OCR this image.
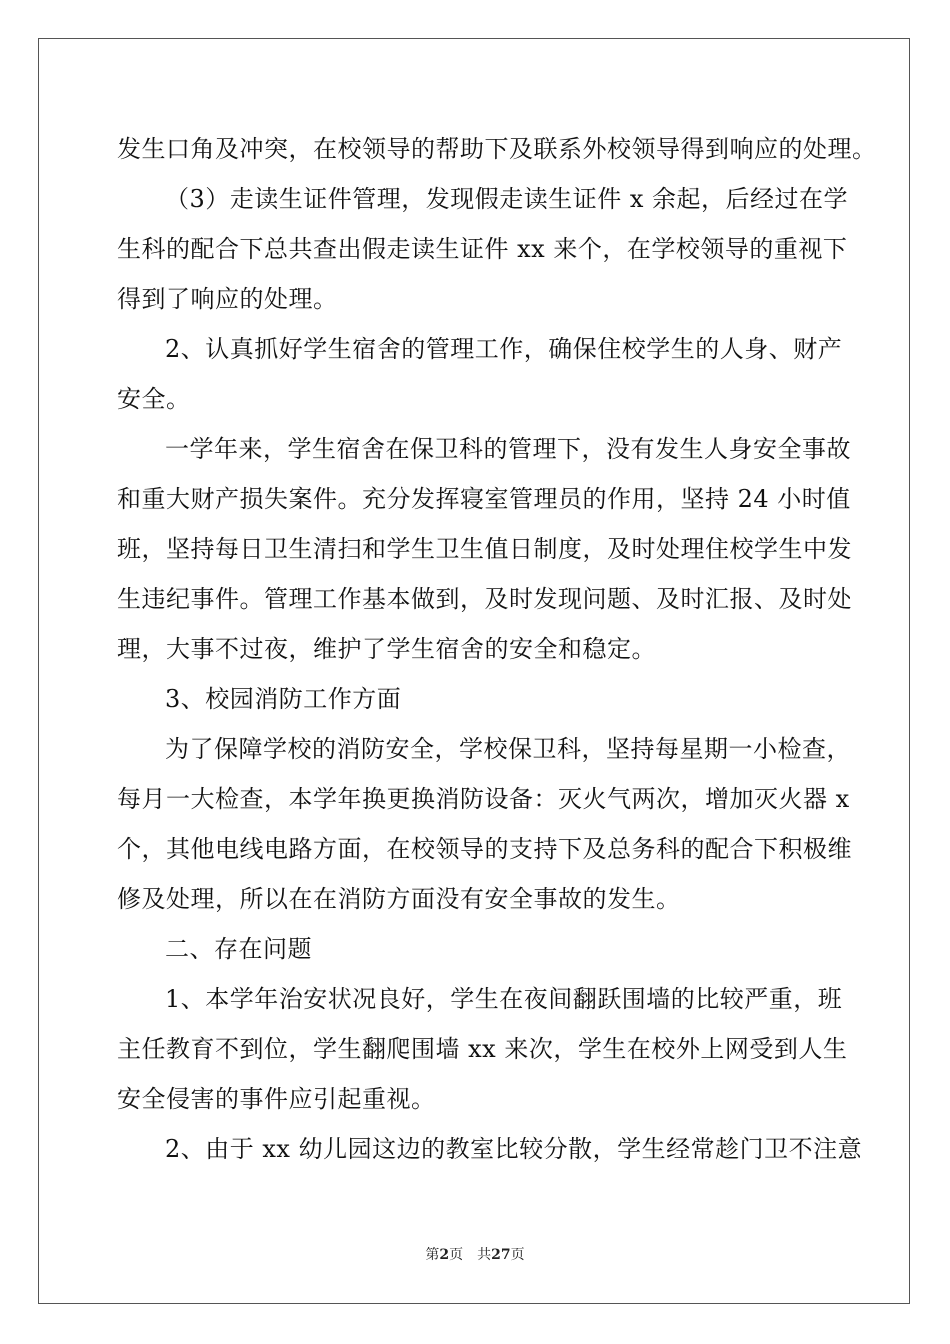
发生口角及冲突，在校领导的帮助下及联系外校领导得到响应的处理。
（3）走读生证件管理，发现假走读生证件 x 余起，后经过在学
生科的配合下总共查出假走读生证件 xx 来个，在学校领导的重视下
得到了响应的处理。
2、认真抓好学生宿舍的管理工作，确保住校学生的人身、财产
安全。
一学年来，学生宿舍在保卫科的管理下，没有发生人身安全事故
和重大财产损失案件。充分发挥寝室管理员的作用，坚持 24 小时值
班，坚持每日卫生清扫和学生卫生值日制度，及时处理住校学生中发
生违纪事件。管理工作基本做到，及时发现问题、及时汇报、及时处
理，大事不过夜，维护了学生宿舍的安全和稳定。
3、校园消防工作方面
为了保障学校的消防安全，学校保卫科，坚持每星期一小检查，
每月一大检查，本学年换更换消防设备：灭火气两次，增加灭火器 x
个，其他电线电路方面，在校领导的支持下及总务科的配合下积极维
修及处理，所以在在消防方面没有安全事故的发生。
二、存在问题
1、本学年治安状况良好，学生在夜间翻跃围墙的比较严重，班
主任教育不到位，学生翻爬围墙 xx 来次，学生在校外上网受到人生
安全侵害的事件应引起重视。
2、由于 xx 幼儿园这边的教室比较分散，学生经常趁门卫不注意
第2页　共27页
